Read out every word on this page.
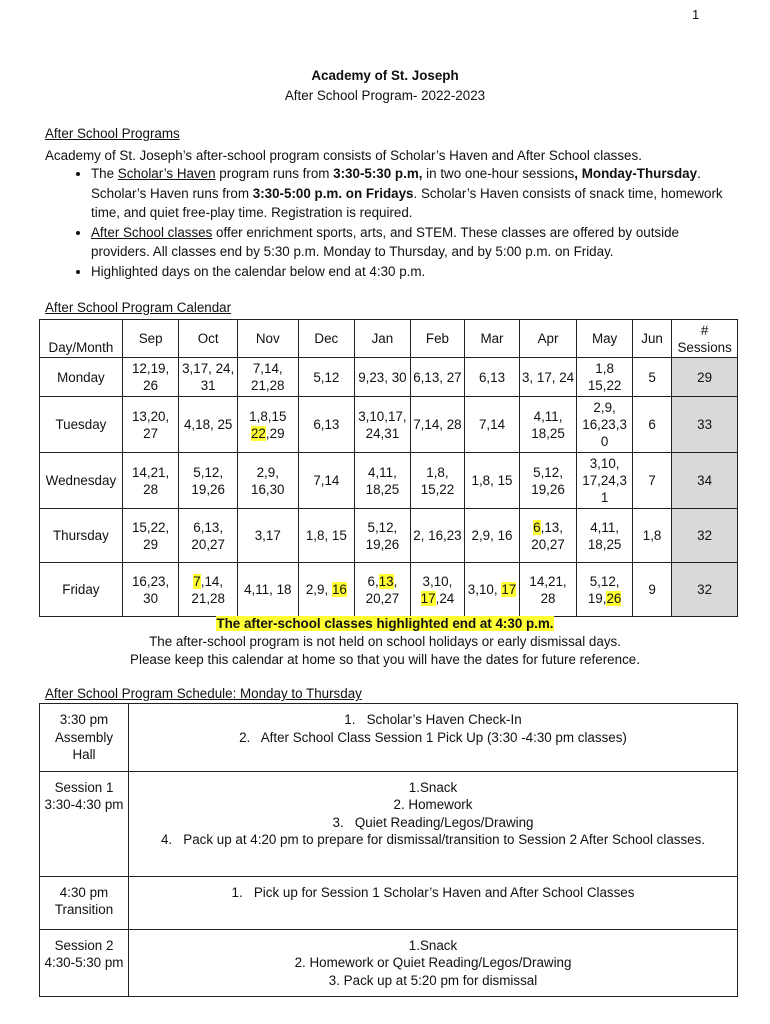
1
Academy of St. Joseph
After School Program- 2022-2023
After School Programs
Academy of St. Joseph’s after-school program consists of Scholar’s Haven and After School classes.
• The Scholar’s Haven program runs from 3:30-5:30 p.m, in two one-hour sessions, Monday-Thursday. Scholar’s Haven runs from 3:30-5:00 p.m. on Fridays. Scholar’s Haven consists of snack time, homework time, and quiet free-play time. Registration is required.
• After School classes offer enrichment sports, arts, and STEM. These classes are offered by outside providers. All classes end by 5:30 p.m. Monday to Thursday, and by 5:00 p.m. on Friday.
• Highlighted days on the calendar below end at 4:30 p.m.
After School Program Calendar
Day/Month	Sep	Oct	Nov	Dec	Jan	Feb	Mar	Apr	May	Jun	# Sessions
Monday	12,19, 26	3,17, 24, 31	7,14, 21,28	5,12	9,23, 30	6,13, 27	6,13	3, 17, 24	1,8 15,22	5	29
Tuesday	13,20, 27	4,18, 25	1,8,15 22,29	6,13	3,10,17, 24,31	7,14, 28	7,14	4,11, 18,25	2,9, 16,23,3 0	6	33
Wednesday	14,21, 28	5,12, 19,26	2,9, 16,30	7,14	4,11, 18,25	1,8, 15,22	1,8, 15	5,12, 19,26	3,10, 17,24,3 1	7	34
Thursday	15,22, 29	6,13, 20,27	3,17	1,8, 15	5,12, 19,26	2, 16,23	2,9, 16	6,13, 20,27	4,11, 18,25	1,8	32
Friday	16,23, 30	7,14, 21,28	4,11, 18	2,9, 16	6,13, 20,27	3,10, 17,24	3,10, 17	14,21, 28	5,12, 19,26	9	32
The after-school classes highlighted end at 4:30 p.m.
The after-school program is not held on school holidays or early dismissal days.
Please keep this calendar at home so that you will have the dates for future reference.
After School Program Schedule: Monday to Thursday
3:30 pm Assembly Hall	1.   Scholar’s Haven Check-In
2.   After School Class Session 1 Pick Up (3:30 -4:30 pm classes)

Session 1 3:30-4:30 pm	1.Snack
2. Homework
3.   Quiet Reading/Legos/Drawing
4.   Pack up at 4:20 pm to prepare for dismissal/transition to Session 2 After School classes.

4:30 pm Transition	1.   Pick up for Session 1 Scholar’s Haven and After School Classes

Session 2 4:30-5:30 pm	1.Snack
2. Homework or Quiet Reading/Legos/Drawing
3. Pack up at 5:20 pm for dismissal
